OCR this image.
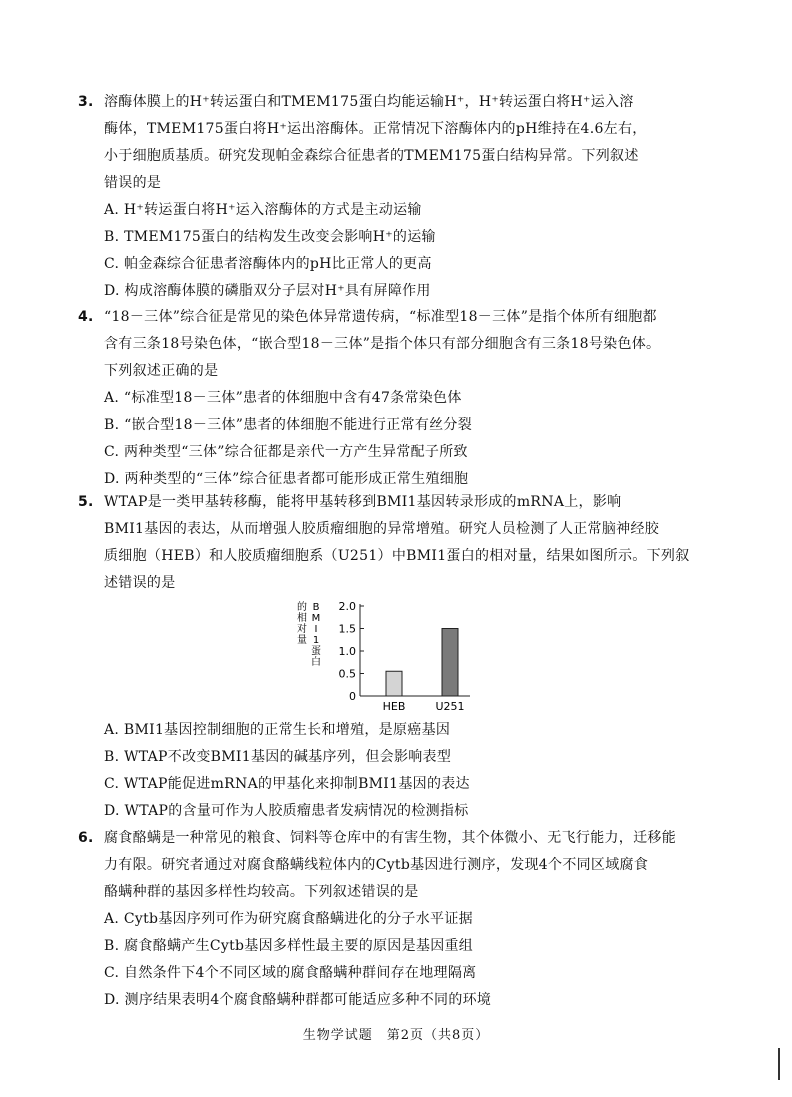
3. 溶酶体膜上的H⁺转运蛋白和TMEM175蛋白均能运输H⁺，H⁺转运蛋白将H⁺运入溶
酶体，TMEM175蛋白将H⁺运出溶酶体。正常情况下溶酶体内的pH维持在4.6左右，
小于细胞质基质。研究发现帕金森综合征患者的TMEM175蛋白结构异常。下列叙述
错误的是
A. H⁺转运蛋白将H⁺运入溶酶体的方式是主动运输
B. TMEM175蛋白的结构发生改变会影响H⁺的运输
C. 帕金森综合征患者溶酶体内的pH比正常人的更高
D. 构成溶酶体膜的磷脂双分子层对H⁺具有屏障作用
4. “18－三体”综合征是常见的染色体异常遗传病，“标准型18－三体”是指个体所有细胞都
含有三条18号染色体，“嵌合型18－三体”是指个体只有部分细胞含有三条18号染色体。
下列叙述正确的是
A. “标准型18－三体”患者的体细胞中含有47条常染色体
B. “嵌合型18－三体”患者的体细胞不能进行正常有丝分裂
C. 两种类型“三体”综合征都是亲代一方产生异常配子所致
D. 两种类型的“三体”综合征患者都可能形成正常生殖细胞
5. WTAP是一类甲基转移酶，能将甲基转移到BMI1基因转录形成的mRNA上，影响
BMI1基因的表达，从而增强人胶质瘤细胞的异常增殖。研究人员检测了人正常脑神经胶
质细胞（HEB）和人胶质瘤细胞系（U251）中BMI1蛋白的相对量，结果如图所示。下列叙
述错误的是
B
M
I
1
蛋
白
的
相
对
量
0
0.5
1.0
1.5
2.0
HEB	U251
A. BMI1基因控制细胞的正常生长和增殖，是原癌基因
B. WTAP不改变BMI1基因的碱基序列，但会影响表型
C. WTAP能促进mRNA的甲基化来抑制BMI1基因的表达
D. WTAP的含量可作为人胶质瘤患者发病情况的检测指标
6. 腐食酪螨是一种常见的粮食、饲料等仓库中的有害生物，其个体微小、无飞行能力，迁移能
力有限。研究者通过对腐食酪螨线粒体内的Cytb基因进行测序，发现4个不同区域腐食
酪螨种群的基因多样性均较高。下列叙述错误的是
A. Cytb基因序列可作为研究腐食酪螨进化的分子水平证据
B. 腐食酪螨产生Cytb基因多样性最主要的原因是基因重组
C. 自然条件下4个不同区域的腐食酪螨种群间存在地理隔离
D. 测序结果表明4个腐食酪螨种群都可能适应多种不同的环境
生物学试题　第2页（共8页）
